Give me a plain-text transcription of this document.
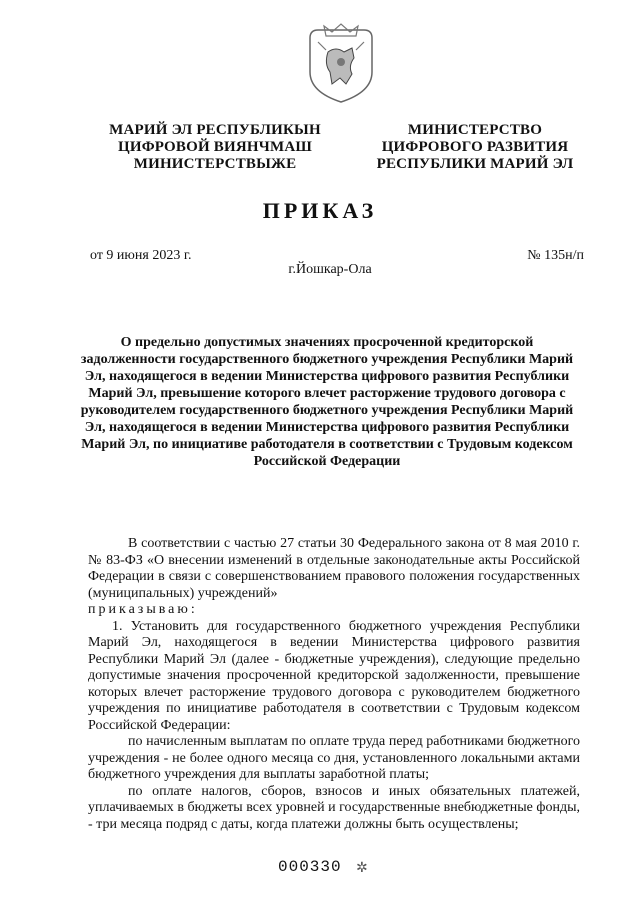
МАРИЙ ЭЛ РЕСПУБЛИКЫН
ЦИФРОВОЙ ВИЯНЧМАШ
МИНИСТЕРСТВЫЖЕ
МИНИСТЕРСТВО
ЦИФРОВОГО РАЗВИТИЯ
РЕСПУБЛИКИ МАРИЙ ЭЛ
ПРИКАЗ
от 9 июня 2023 г.	№ 135н/п
г.Йошкар-Ола
О предельно допустимых значениях просроченной кредиторской задолженности государственного бюджетного учреждения Республики Марий Эл, находящегося в ведении Министерства цифрового развития Республики Марий Эл, превышение которого влечет расторжение трудового договора с руководителем государственного бюджетного учреждения Республики Марий Эл, находящегося в ведении Министерства цифрового развития Республики Марий Эл, по инициативе работодателя в соответствии с Трудовым кодексом Российской Федерации

В соответствии с частью 27 статьи 30 Федерального закона от 8 мая 2010 г. № 83-ФЗ «О внесении изменений в отдельные законодательные акты Российской Федерации в связи с совершенствованием правового положения государственных (муниципальных) учреждений»

приказываю:

1. Установить для государственного бюджетного учреждения Республики Марий Эл, находящегося в ведении Министерства цифрового развития Республики Марий Эл (далее - бюджетные учреждения), следующие предельно допустимые значения просроченной кредиторской задолженности, превышение которых влечет расторжение трудового договора с руководителем бюджетного учреждения по инициативе работодателя в соответствии с Трудовым кодексом Российской Федерации:

по начисленным выплатам по оплате труда перед работниками бюджетного учреждения - не более одного месяца со дня, установленного локальными актами бюджетного учреждения для выплаты заработной платы;

по оплате налогов, сборов, взносов и иных обязательных платежей, уплачиваемых в бюджеты всех уровней и государственные внебюджетные фонды, - три месяца подряд с даты, когда платежи должны быть осуществлены;

000330 ✲
